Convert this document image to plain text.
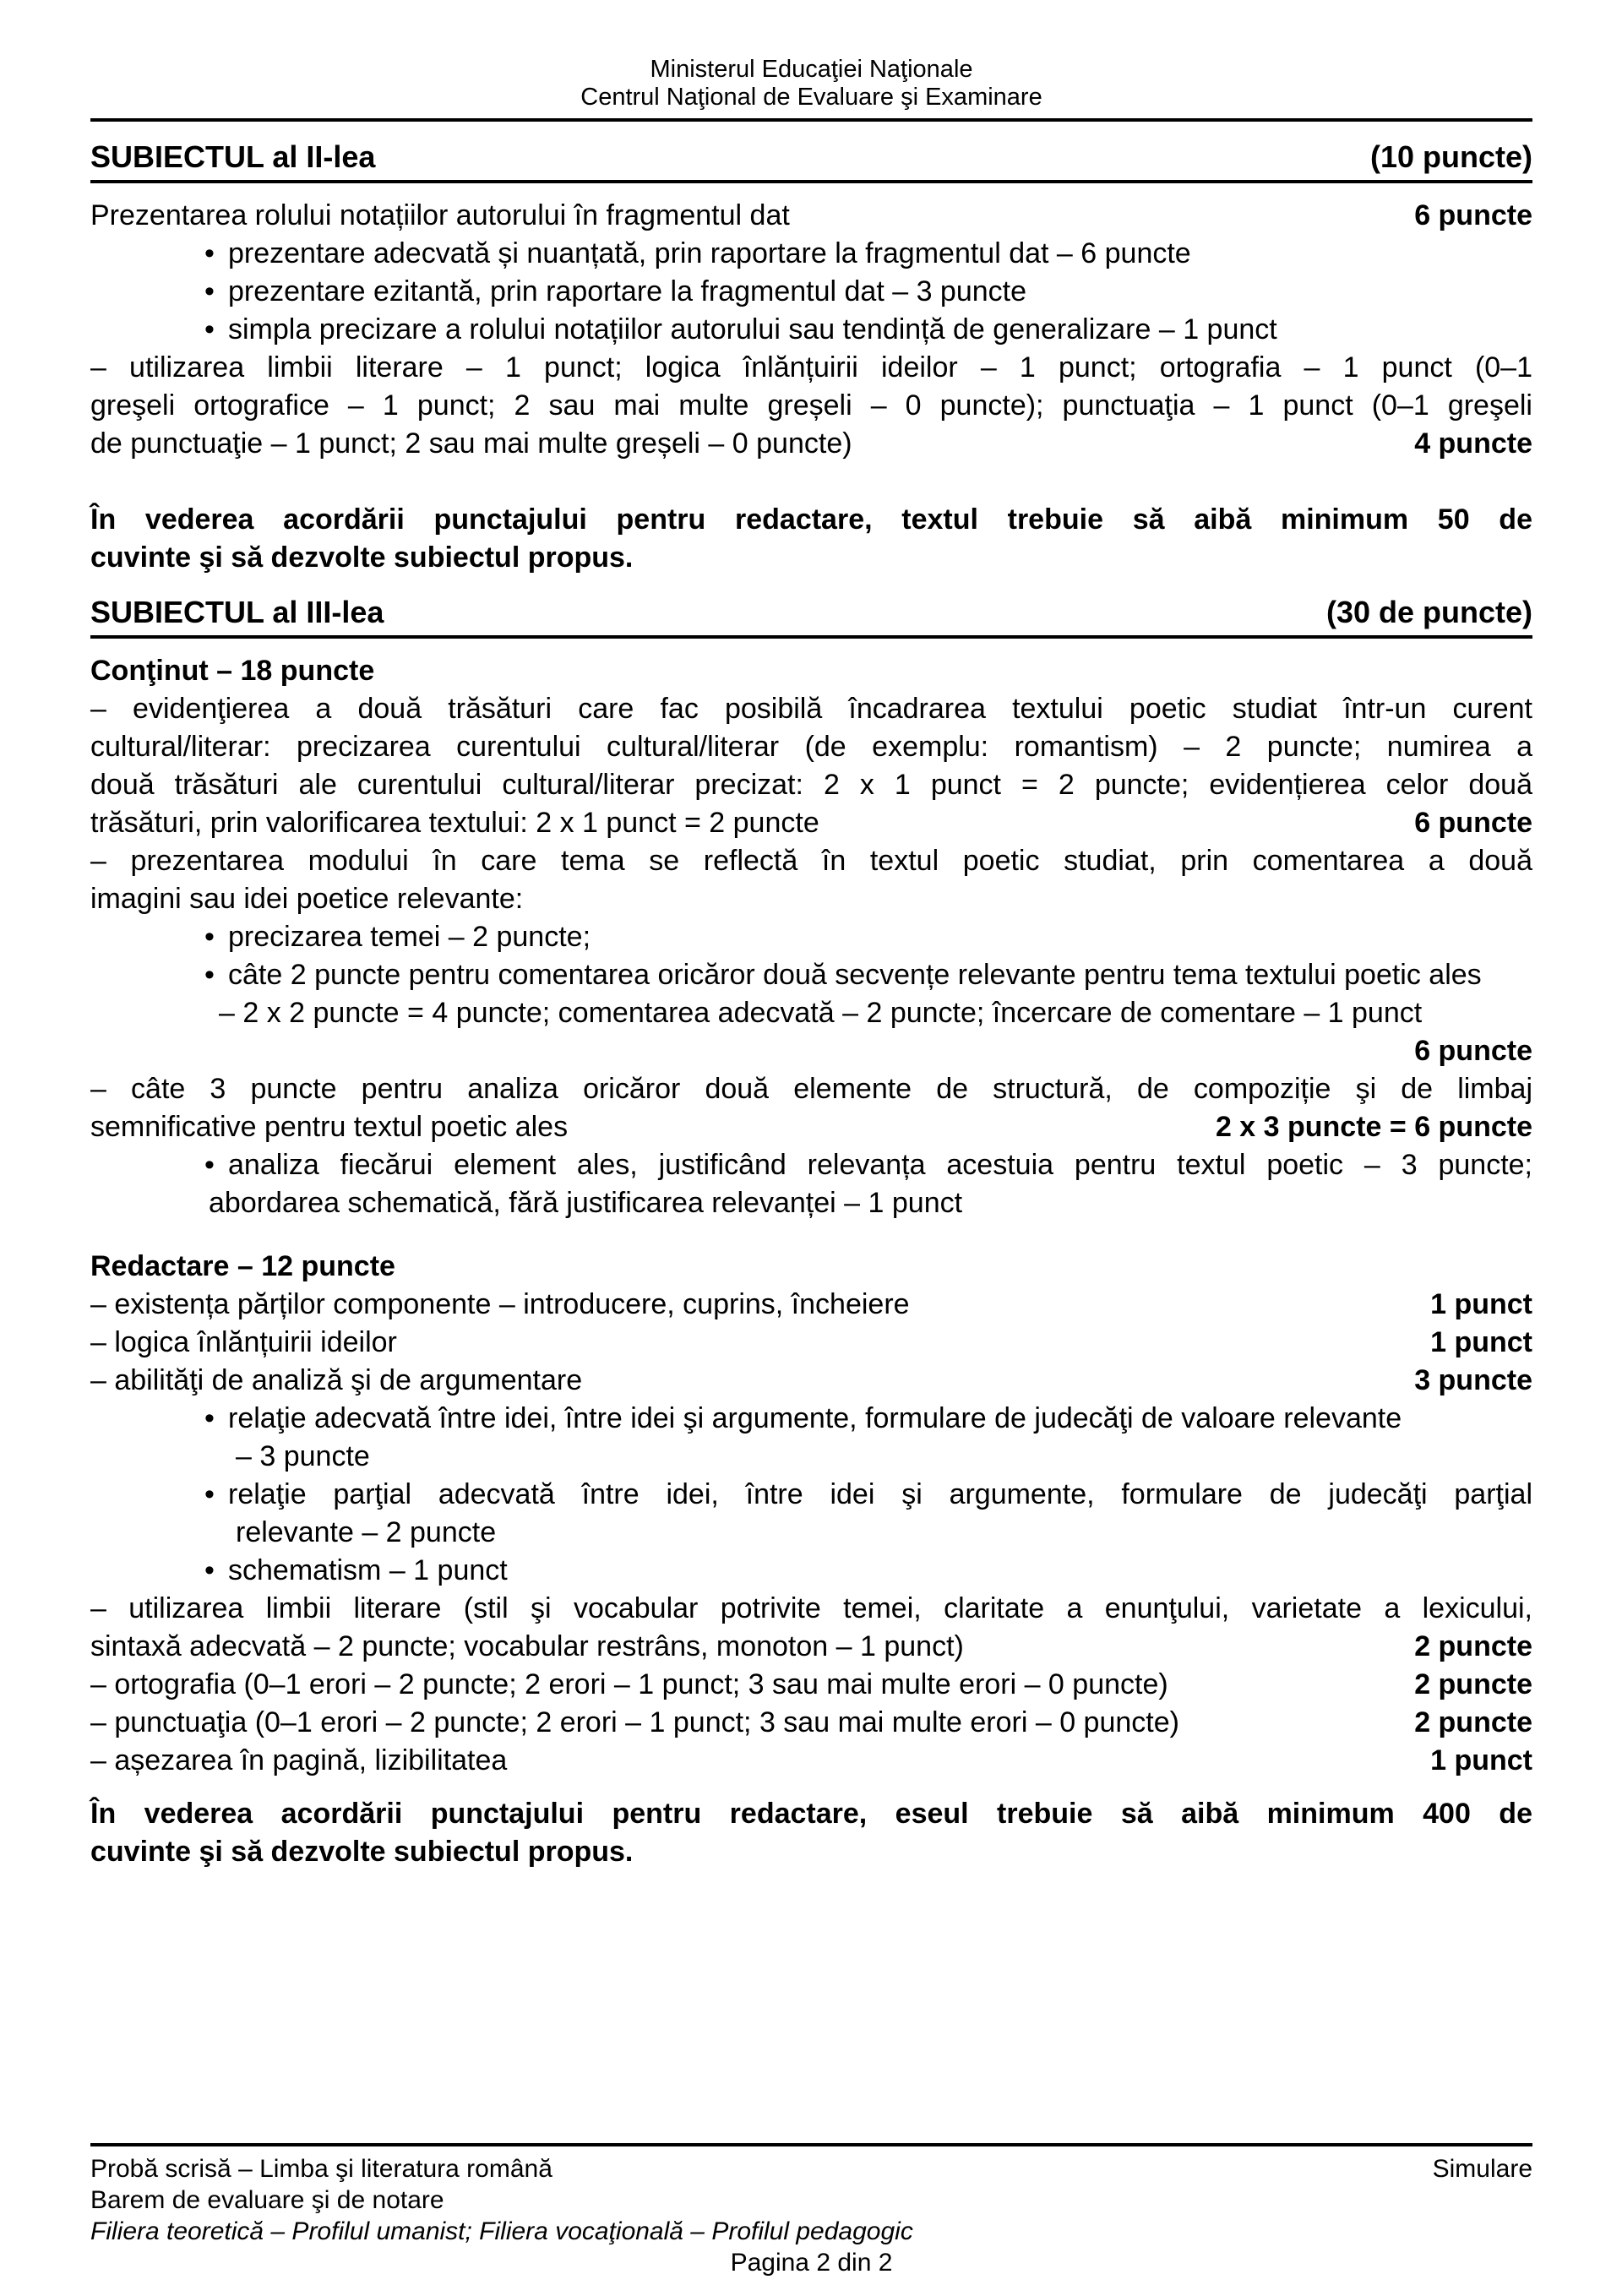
Ministerul Educaţiei Naţionale
Centrul Naţional de Evaluare şi Examinare
SUBIECTUL al II-lea	(10 puncte)
Prezentarea rolului notațiilor autorului în fragmentul dat	6 puncte
• prezentare adecvată și nuanțată, prin raportare la fragmentul dat – 6 puncte
• prezentare ezitantă, prin raportare la fragmentul dat – 3 puncte
• simpla precizare a rolului notațiilor autorului sau tendință de generalizare – 1 punct
– utilizarea limbii literare – 1 punct; logica înlănțuirii ideilor – 1 punct; ortografia – 1 punct (0–1
greşeli ortografice – 1 punct; 2 sau mai multe greșeli – 0 puncte); punctuaţia – 1 punct (0–1 greşeli
de punctuaţie – 1 punct; 2 sau mai multe greșeli – 0 puncte)	4 puncte
În vederea acordării punctajului pentru redactare, textul trebuie să aibă minimum 50 de
cuvinte şi să dezvolte subiectul propus.
SUBIECTUL al III-lea	(30 de puncte)
Conţinut – 18 puncte
– evidenţierea a două trăsături care fac posibilă încadrarea textului poetic studiat într-un curent
cultural/literar: precizarea curentului cultural/literar (de exemplu: romantism) – 2 puncte; numirea a
două trăsături ale curentului cultural/literar precizat: 2 x 1 punct = 2 puncte; evidențierea celor două
trăsături, prin valorificarea textului: 2 x 1 punct = 2 puncte	6 puncte
– prezentarea modului în care tema se reflectă în textul poetic studiat, prin comentarea a două
imagini sau idei poetice relevante:
• precizarea temei – 2 puncte;
• câte 2 puncte pentru comentarea oricăror două secvențe relevante pentru tema textului poetic ales
– 2 x 2 puncte = 4 puncte; comentarea adecvată – 2 puncte; încercare de comentare – 1 punct
6 puncte
– câte 3 puncte pentru analiza oricăror două elemente de structură, de compoziție şi de limbaj
semnificative pentru textul poetic ales	2 x 3 puncte = 6 puncte
• analiza fiecărui element ales, justificând relevanța acestuia pentru textul poetic – 3 puncte;
abordarea schematică, fără justificarea relevanței – 1 punct
Redactare – 12 puncte
– existența părților componente – introducere, cuprins, încheiere	1 punct
– logica înlănțuirii ideilor	1 punct
– abilităţi de analiză şi de argumentare	3 puncte
• relaţie adecvată între idei, între idei şi argumente, formulare de judecăţi de valoare relevante
– 3 puncte
• relaţie parţial adecvată între idei, între idei şi argumente, formulare de judecăţi parţial
relevante – 2 puncte
• schematism – 1 punct
– utilizarea limbii literare (stil şi vocabular potrivite temei, claritate a enunţului, varietate a lexicului,
sintaxă adecvată – 2 puncte; vocabular restrâns, monoton – 1 punct)	2 puncte
– ortografia (0–1 erori – 2 puncte; 2 erori – 1 punct; 3 sau mai multe erori – 0 puncte)	2 puncte
– punctuaţia (0–1 erori – 2 puncte; 2 erori – 1 punct; 3 sau mai multe erori – 0 puncte)	2 puncte
– așezarea în pagină, lizibilitatea	1 punct
În vederea acordării punctajului pentru redactare, eseul trebuie să aibă minimum 400 de
cuvinte şi să dezvolte subiectul propus.
Probă scrisă – Limba şi literatura română	Simulare
Barem de evaluare şi de notare
Filiera teoretică – Profilul umanist; Filiera vocaţională – Profilul pedagogic
Pagina 2 din 2
